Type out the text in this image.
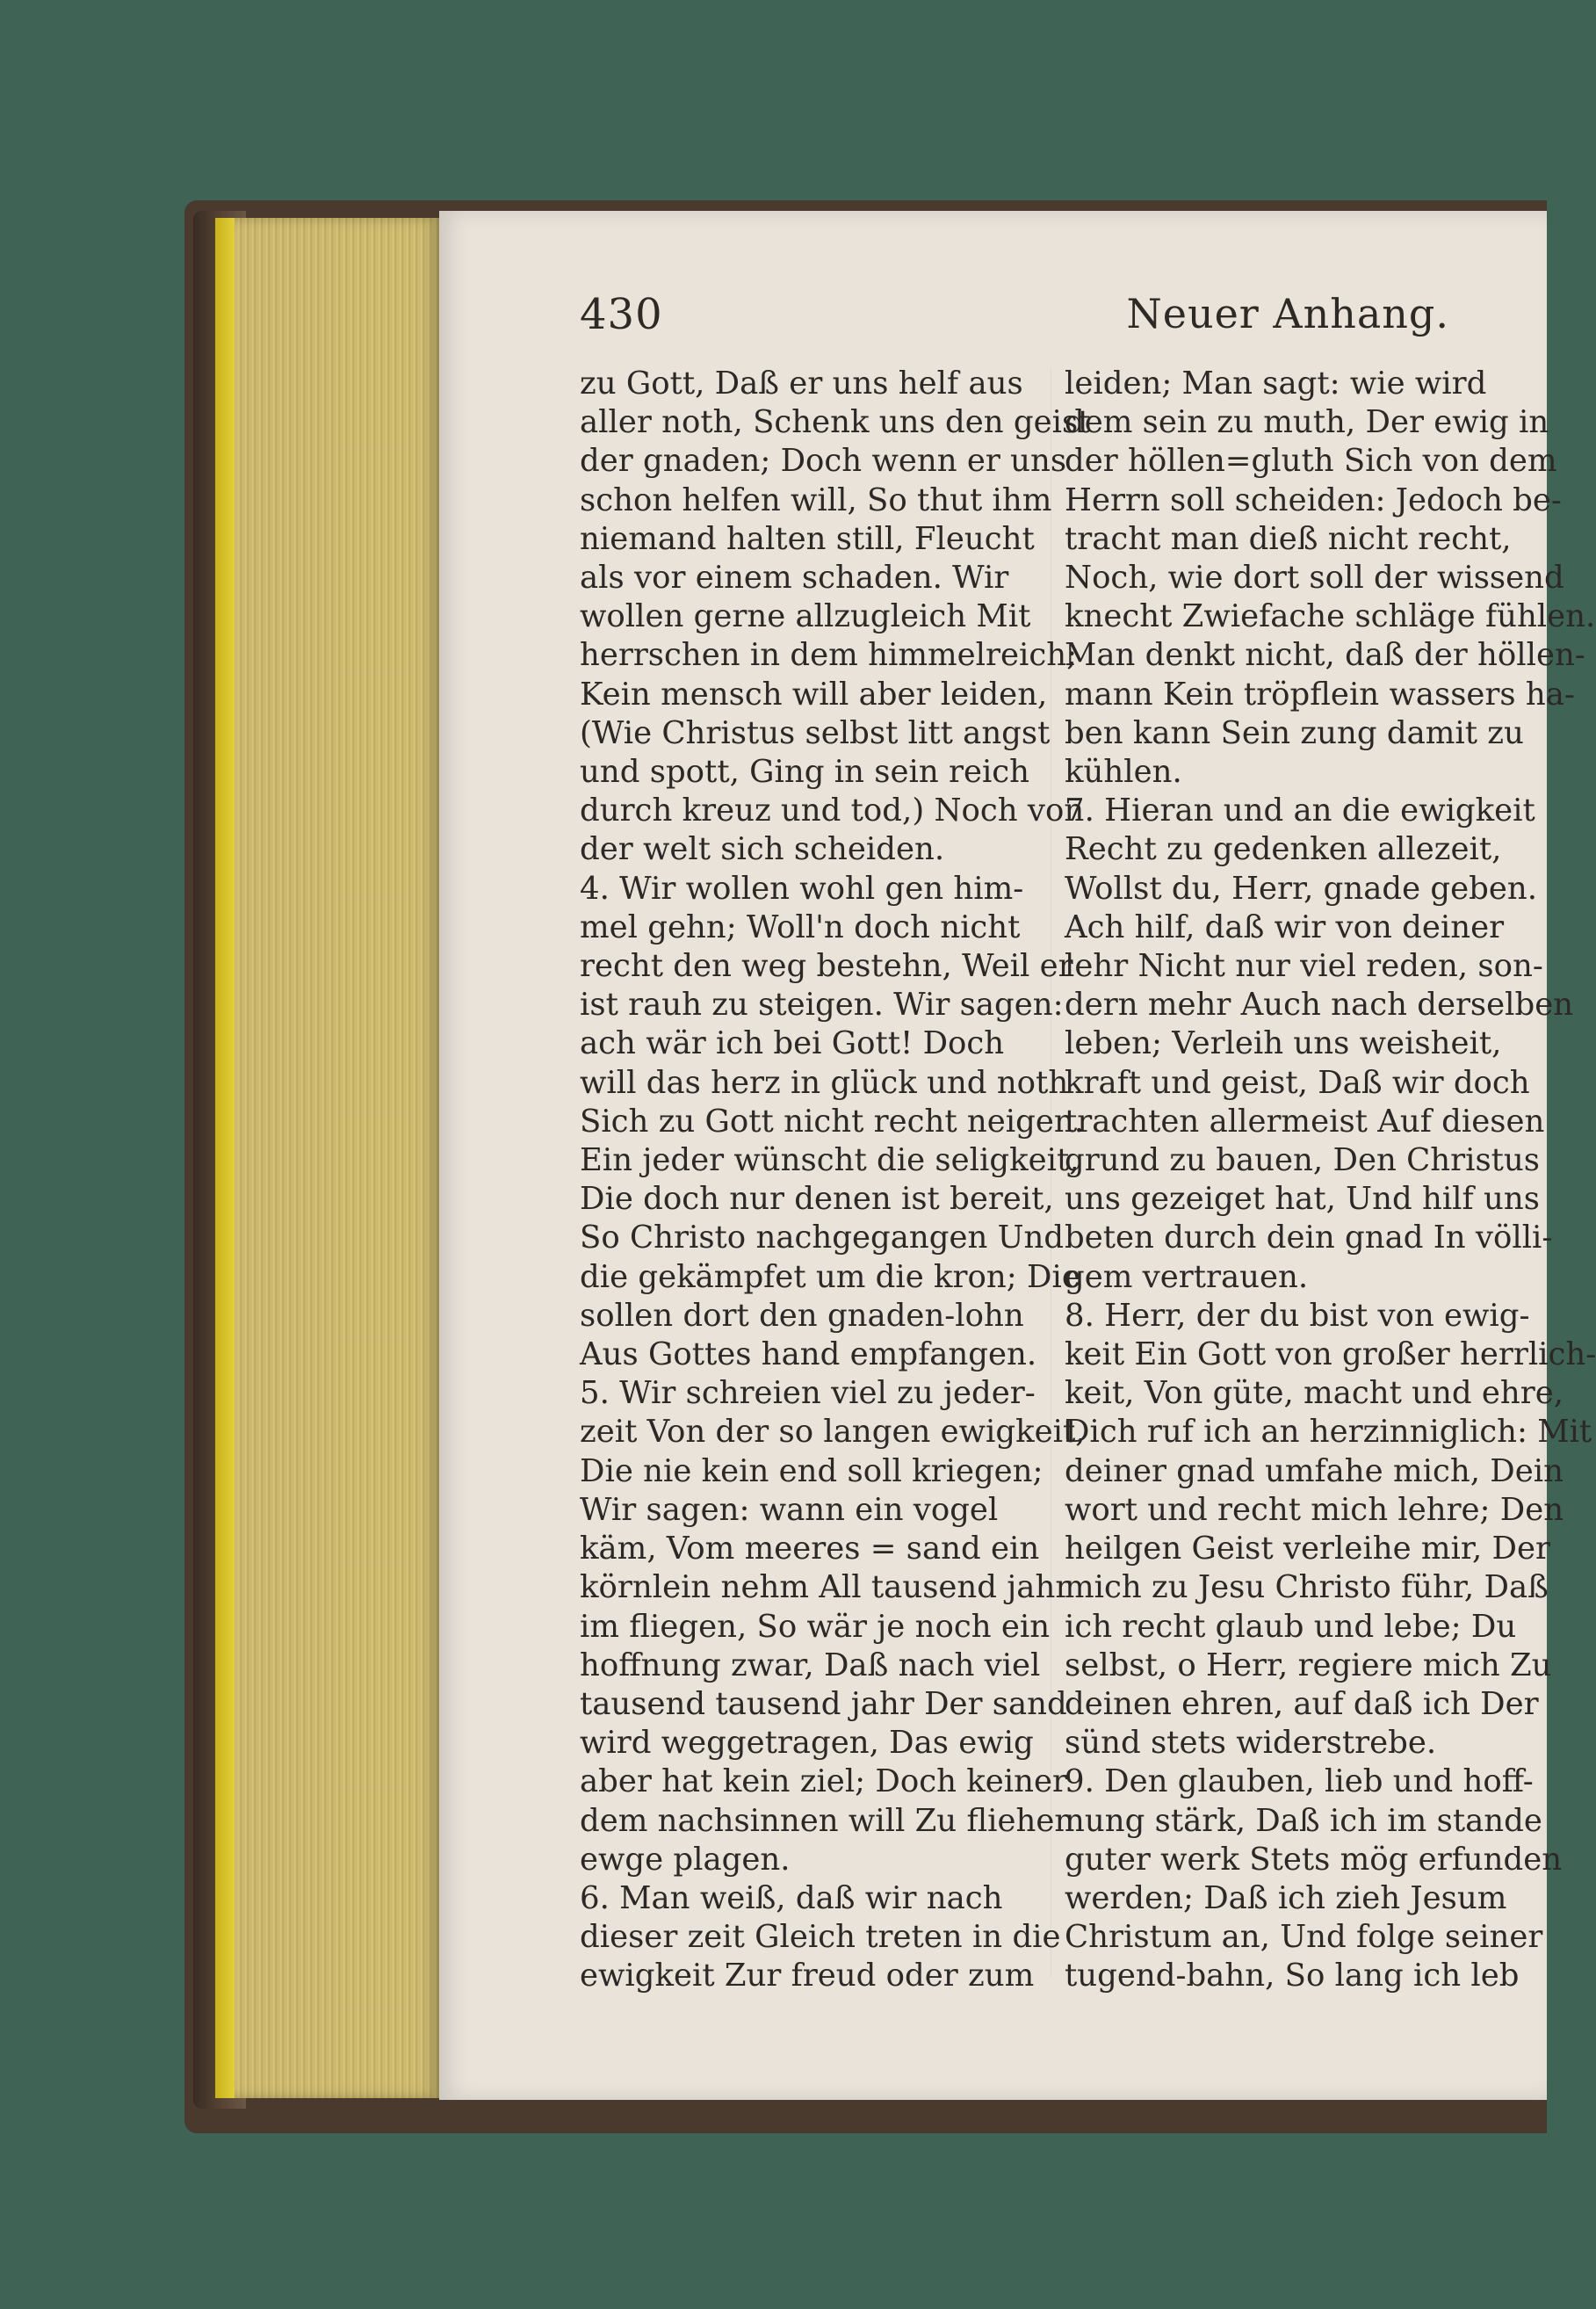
430	Neuer Anhang.
zu Gott, Daß er uns helf aus
aller noth, Schenk uns den geist
der gnaden; Doch wenn er uns
schon helfen will, So thut ihm
niemand halten still, Fleucht
als vor einem schaden. Wir
wollen gerne allzugleich Mit
herrschen in dem himmelreich;
Kein mensch will aber leiden,
(Wie Christus selbst litt angst
und spott, Ging in sein reich
durch kreuz und tod,) Noch von
der welt sich scheiden.
4. Wir wollen wohl gen him-
mel gehn; Woll'n doch nicht
recht den weg bestehn, Weil er
ist rauh zu steigen. Wir sagen:
ach wär ich bei Gott! Doch
will das herz in glück und noth
Sich zu Gott nicht recht neigen.
Ein jeder wünscht die seligkeit,
Die doch nur denen ist bereit,
So Christo nachgegangen Und
die gekämpfet um die kron; Die
sollen dort den gnaden-lohn
Aus Gottes hand empfangen.
5. Wir schreien viel zu jeder-
zeit Von der so langen ewigkeit,
Die nie kein end soll kriegen;
Wir sagen: wann ein vogel
käm, Vom meeres = sand ein
körnlein nehm All tausend jahr
im fliegen, So wär je noch ein
hoffnung zwar, Daß nach viel
tausend tausend jahr Der sand
wird weggetragen, Das ewig
aber hat kein ziel; Doch keiner
dem nachsinnen will Zu fliehen
ewge plagen.
6. Man weiß, daß wir nach
dieser zeit Gleich treten in die
ewigkeit Zur freud oder zum
leiden; Man sagt: wie wird
dem sein zu muth, Der ewig in
der höllen=gluth Sich von dem
Herrn soll scheiden: Jedoch be-
tracht man dieß nicht recht,
Noch, wie dort soll der wissend
knecht Zwiefache schläge fühlen.
Man denkt nicht, daß der höllen-
mann Kein tröpflein wassers ha-
ben kann Sein zung damit zu
kühlen.
7. Hieran und an die ewigkeit
Recht zu gedenken allezeit,
Wollst du, Herr, gnade geben.
Ach hilf, daß wir von deiner
lehr Nicht nur viel reden, son-
dern mehr Auch nach derselben
leben; Verleih uns weisheit,
kraft und geist, Daß wir doch
trachten allermeist Auf diesen
grund zu bauen, Den Christus
uns gezeiget hat, Und hilf uns
beten durch dein gnad In völli-
gem vertrauen.
8. Herr, der du bist von ewig-
keit Ein Gott von großer herrlich-
keit, Von güte, macht und ehre,
Dich ruf ich an herzinniglich: Mit
deiner gnad umfahe mich, Dein
wort und recht mich lehre; Den
heilgen Geist verleihe mir, Der
mich zu Jesu Christo führ, Daß
ich recht glaub und lebe; Du
selbst, o Herr, regiere mich Zu
deinen ehren, auf daß ich Der
sünd stets widerstrebe.
9. Den glauben, lieb und hoff-
nung stärk, Daß ich im stande
guter werk Stets mög erfunden
werden; Daß ich zieh Jesum
Christum an, Und folge seiner
tugend-bahn, So lang ich leb
